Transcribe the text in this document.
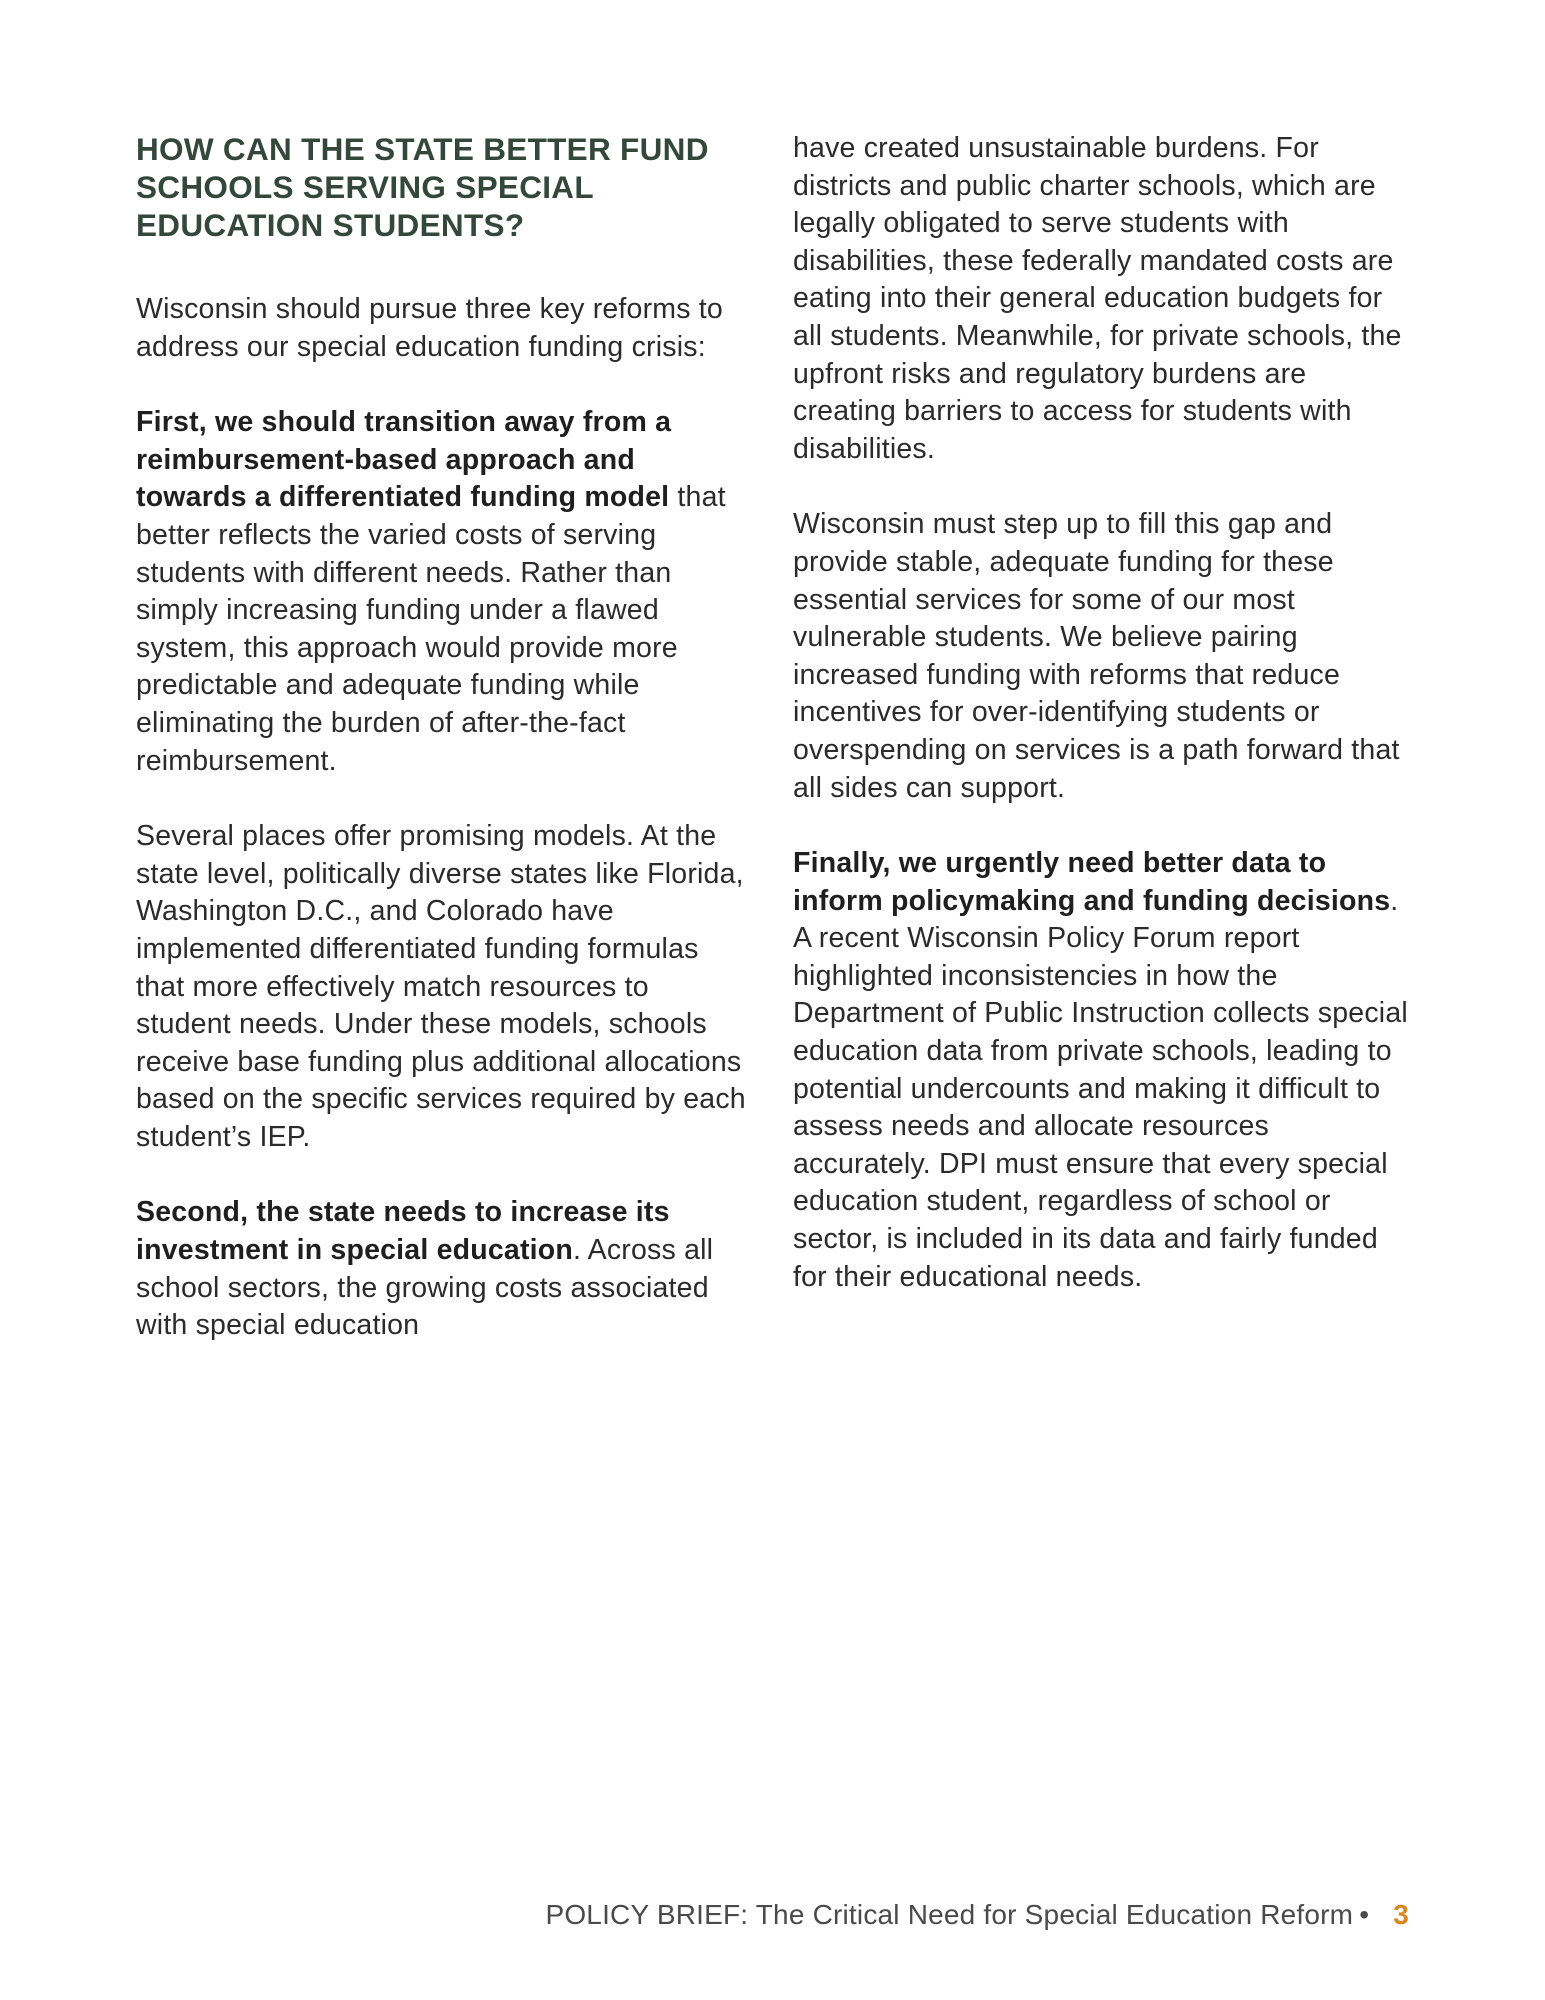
HOW CAN THE STATE BETTER FUND SCHOOLS SERVING SPECIAL EDUCATION STUDENTS?

Wisconsin should pursue three key reforms to address our special education funding crisis:

First, we should transition away from a reimbursement-based approach and towards a differentiated funding model that better reflects the varied costs of serving students with different needs. Rather than simply increasing funding under a flawed system, this approach would provide more predictable and adequate funding while eliminating the burden of after-the-fact reimbursement.

Several places offer promising models. At the state level, politically diverse states like Florida, Washington D.C., and Colorado have implemented differentiated funding formulas that more effectively match resources to student needs. Under these models, schools receive base funding plus additional allocations based on the specific services required by each student’s IEP.

Second, the state needs to increase its investment in special education. Across all school sectors, the growing costs associated with special education

have created unsustainable burdens. For districts and public charter schools, which are legally obligated to serve students with disabilities, these federally mandated costs are eating into their general education budgets for all students. Meanwhile, for private schools, the upfront risks and regulatory burdens are creating barriers to access for students with disabilities.

Wisconsin must step up to fill this gap and provide stable, adequate funding for these essential services for some of our most vulnerable students. We believe pairing increased funding with reforms that reduce incentives for over-identifying students or overspending on services is a path forward that all sides can support.

Finally, we urgently need better data to inform policymaking and funding decisions. A recent Wisconsin Policy Forum report highlighted inconsistencies in how the Department of Public Instruction collects special education data from private schools, leading to potential undercounts and making it difficult to assess needs and allocate resources accurately. DPI must ensure that every special education student, regardless of school or sector, is included in its data and fairly funded for their educational needs.

POLICY BRIEF: The Critical Need for Special Education Reform • 3
